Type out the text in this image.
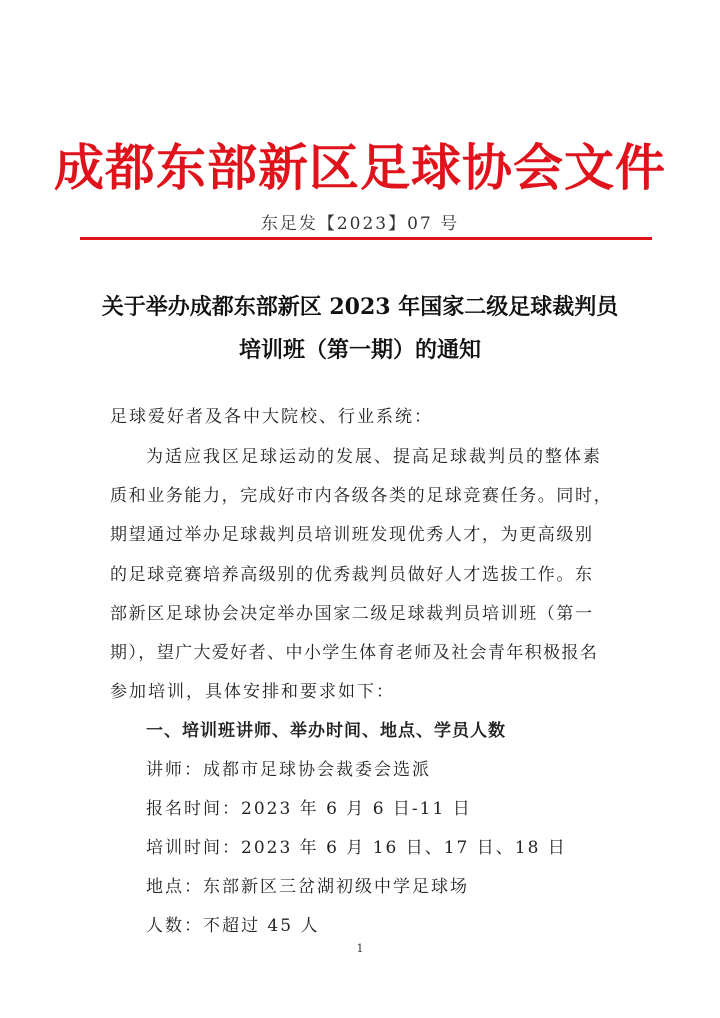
成都东部新区足球协会文件
东足发【2023】07 号
关于举办成都东部新区 2023 年国家二级足球裁判员
培训班（第一期）的通知
足球爱好者及各中大院校、行业系统：
为适应我区足球运动的发展、提高足球裁判员的整体素
质和业务能力，完成好市内各级各类的足球竞赛任务。同时，
期望通过举办足球裁判员培训班发现优秀人才，为更高级别
的足球竞赛培养高级别的优秀裁判员做好人才选拔工作。东
部新区足球协会决定举办国家二级足球裁判员培训班（第一
期），望广大爱好者、中小学生体育老师及社会青年积极报名
参加培训，具体安排和要求如下：
一、培训班讲师、举办时间、地点、学员人数
讲师：成都市足球协会裁委会选派
报名时间：2023 年 6 月 6 日-11 日
培训时间：2023 年 6 月 16 日、17 日、18 日
地点：东部新区三岔湖初级中学足球场
人数：不超过 45 人
1
